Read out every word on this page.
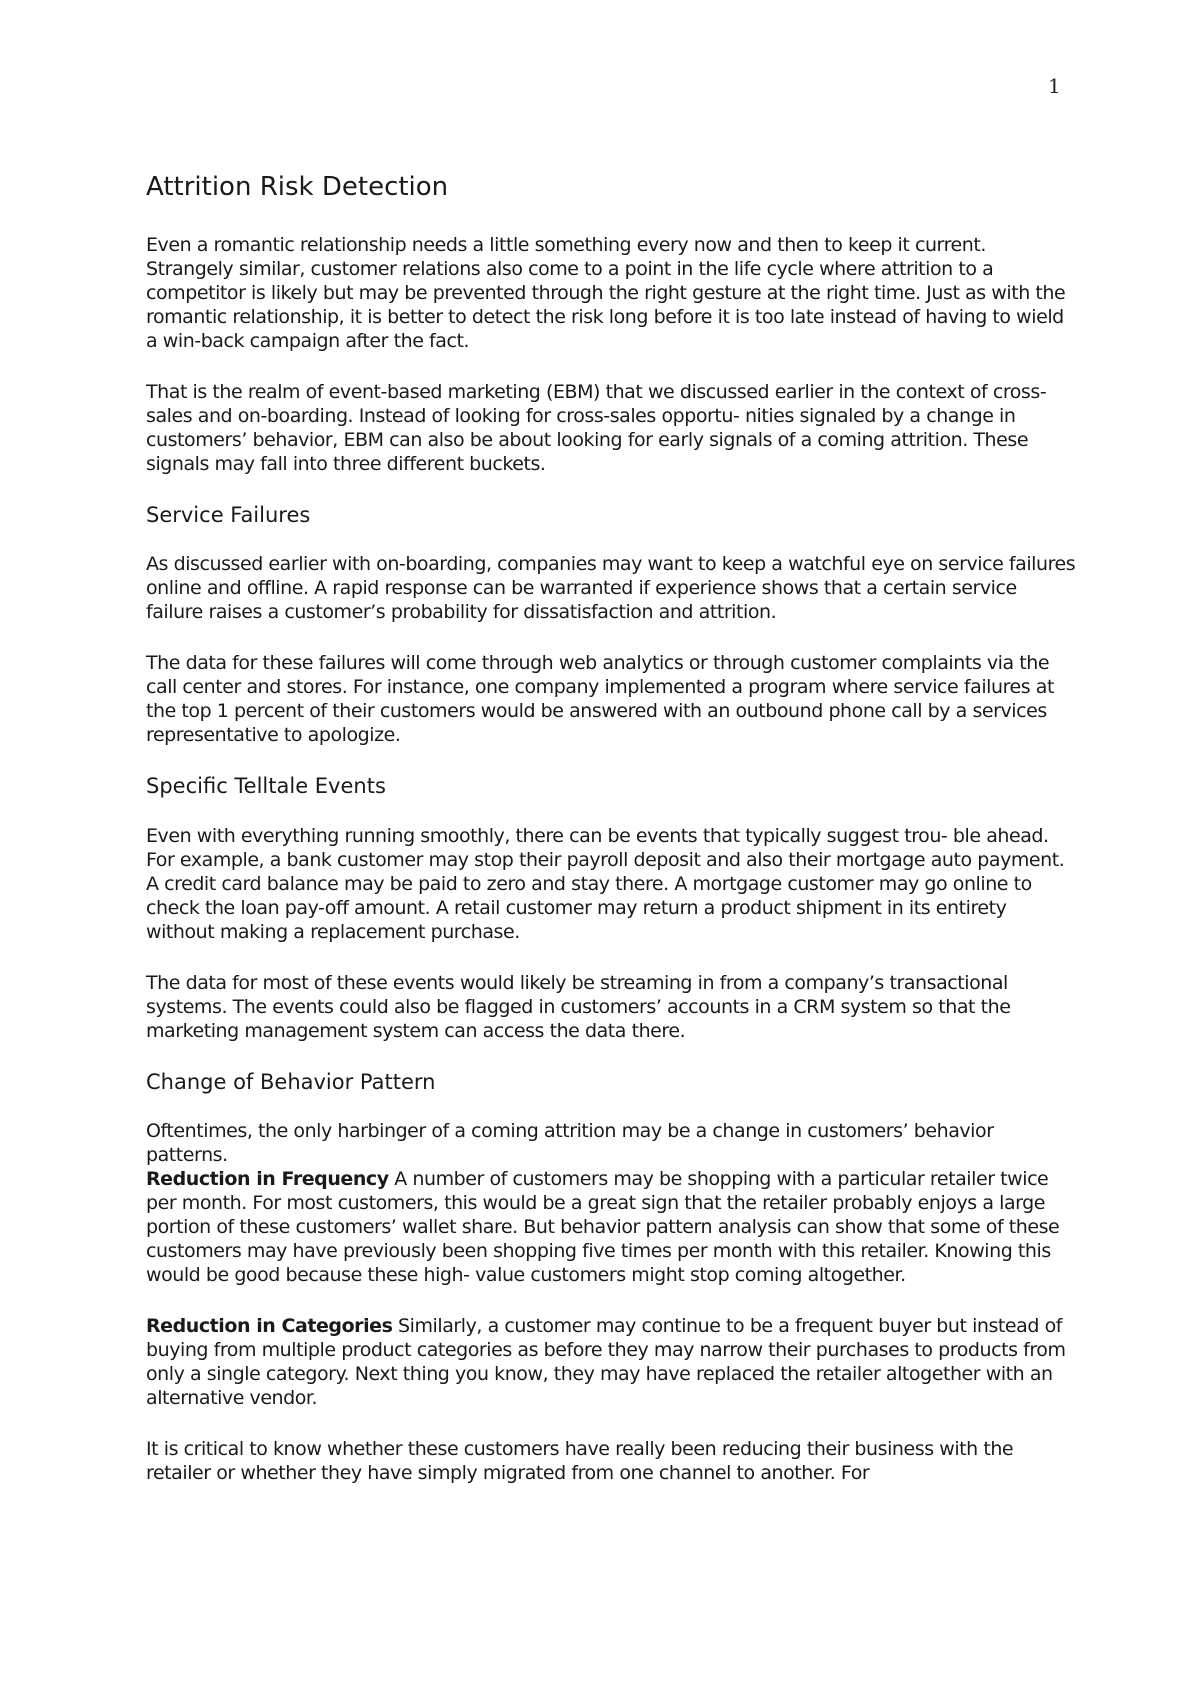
1
Attrition Risk Detection

Even a romantic relationship needs a little something every now and then to keep it current. Strangely similar, customer relations also come to a point in the life cycle where attrition to a competitor is likely but may be prevented through the right gesture at the right time. Just as with the romantic relationship, it is better to detect the risk long before it is too late instead of having to wield a win-back campaign after the fact.

That is the realm of event-based marketing (EBM) that we discussed earlier in the context of cross-sales and on-boarding. Instead of looking for cross-sales opportu- nities signaled by a change in customers’ behavior, EBM can also be about looking for early signals of a coming attrition. These signals may fall into three different buckets.

Service Failures

As discussed earlier with on-boarding, companies may want to keep a watchful eye on service failures online and offline. A rapid response can be warranted if experience shows that a certain service failure raises a customer’s probability for dissatisfaction and attrition.

The data for these failures will come through web analytics or through customer complaints via the call center and stores. For instance, one company implemented a program where service failures at the top 1 percent of their customers would be answered with an outbound phone call by a services representative to apologize.

Specific Telltale Events

Even with everything running smoothly, there can be events that typically suggest trou- ble ahead. For example, a bank customer may stop their payroll deposit and also their mortgage auto payment. A credit card balance may be paid to zero and stay there. A mortgage customer may go online to check the loan pay-off amount. A retail customer may return a product shipment in its entirety without making a replacement purchase.

The data for most of these events would likely be streaming in from a company’s transactional systems. The events could also be flagged in customers’ accounts in a CRM system so that the marketing management system can access the data there.

Change of Behavior Pattern

Oftentimes, the only harbinger of a coming attrition may be a change in customers’ behavior patterns.

Reduction in Frequency A number of customers may be shopping with a particular retailer twice per month. For most customers, this would be a great sign that the retailer probably enjoys a large portion of these customers’ wallet share. But behavior pattern analysis can show that some of these customers may have previously been shopping five times per month with this retailer. Knowing this would be good because these high- value customers might stop coming altogether.

Reduction in Categories Similarly, a customer may continue to be a frequent buyer but instead of buying from multiple product categories as before they may narrow their purchases to products from only a single category. Next thing you know, they may have replaced the retailer altogether with an alternative vendor.

It is critical to know whether these customers have really been reducing their business with the retailer or whether they have simply migrated from one channel to another. For
